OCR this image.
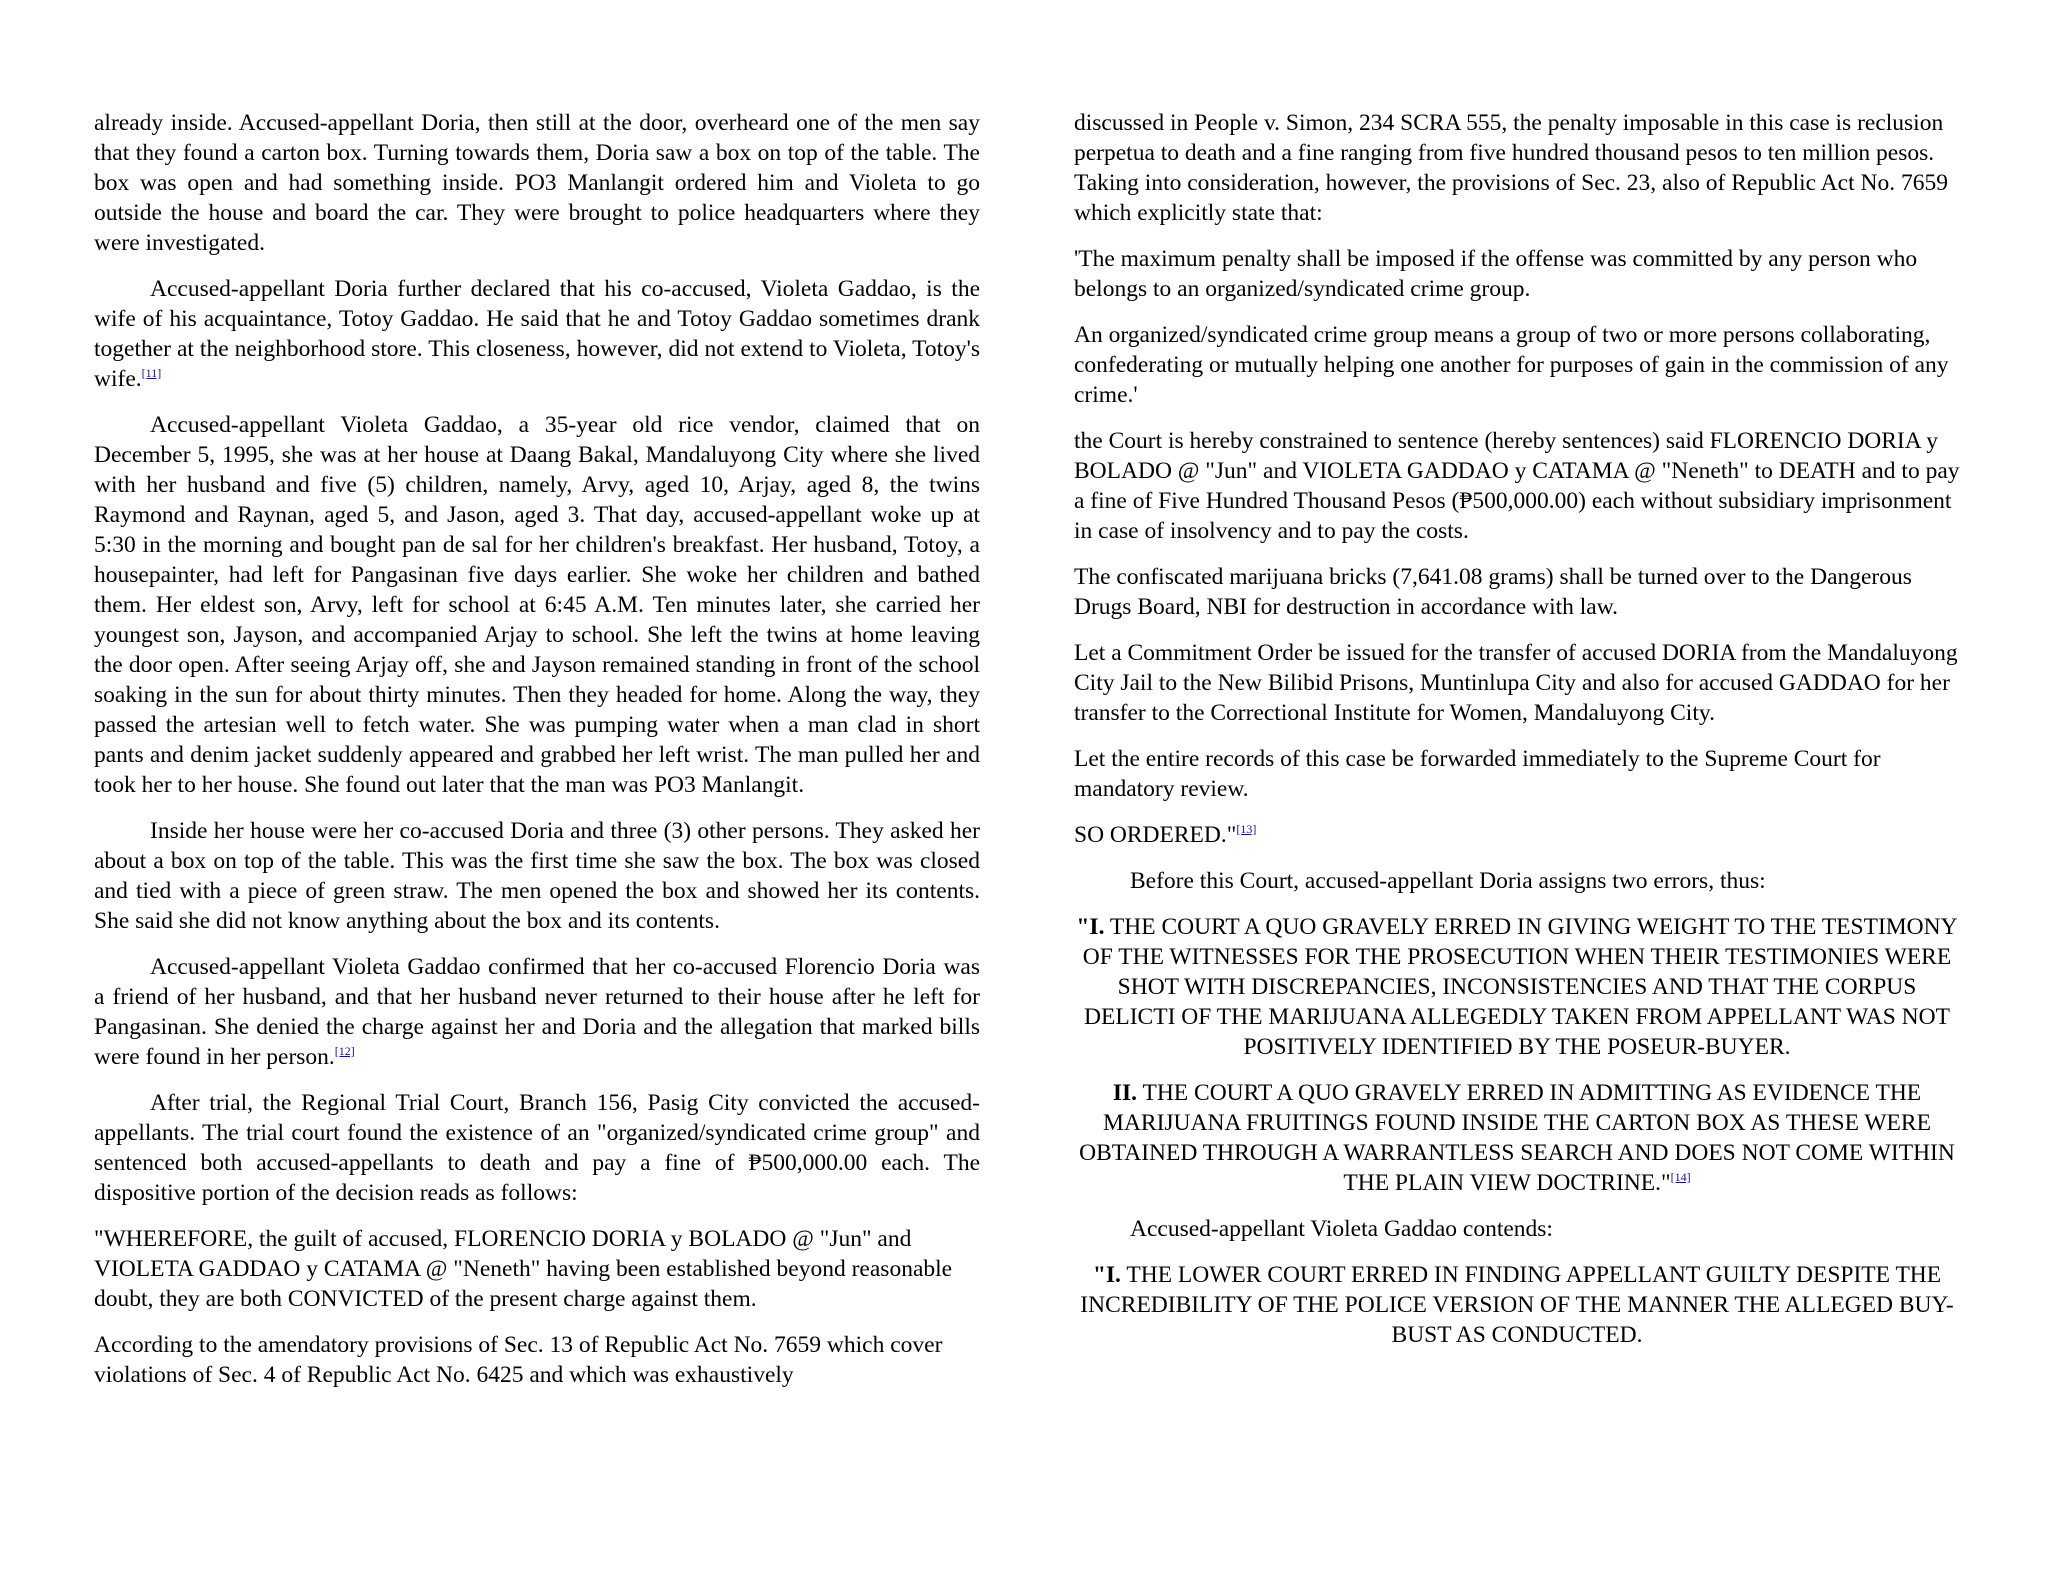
already inside. Accused-appellant Doria, then still at the door, overheard one of the men say that they found a carton box. Turning towards them, Doria saw a box on top of the table. The box was open and had something inside. PO3 Manlangit ordered him and Violeta to go outside the house and board the car. They were brought to police headquarters where they were investigated.

Accused-appellant Doria further declared that his co-accused, Violeta Gaddao, is the wife of his acquaintance, Totoy Gaddao. He said that he and Totoy Gaddao sometimes drank together at the neighborhood store. This closeness, however, did not extend to Violeta, Totoy's wife.[11]

Accused-appellant Violeta Gaddao, a 35-year old rice vendor, claimed that on December 5, 1995, she was at her house at Daang Bakal, Mandaluyong City where she lived with her husband and five (5) children, namely, Arvy, aged 10, Arjay, aged 8, the twins Raymond and Raynan, aged 5, and Jason, aged 3. That day, accused-appellant woke up at 5:30 in the morning and bought pan de sal for her children's breakfast. Her husband, Totoy, a housepainter, had left for Pangasinan five days earlier. She woke her children and bathed them. Her eldest son, Arvy, left for school at 6:45 A.M. Ten minutes later, she carried her youngest son, Jayson, and accompanied Arjay to school. She left the twins at home leaving the door open. After seeing Arjay off, she and Jayson remained standing in front of the school soaking in the sun for about thirty minutes. Then they headed for home. Along the way, they passed the artesian well to fetch water. She was pumping water when a man clad in short pants and denim jacket suddenly appeared and grabbed her left wrist. The man pulled her and took her to her house. She found out later that the man was PO3 Manlangit.

Inside her house were her co-accused Doria and three (3) other persons. They asked her about a box on top of the table. This was the first time she saw the box. The box was closed and tied with a piece of green straw. The men opened the box and showed her its contents. She said she did not know anything about the box and its contents.

Accused-appellant Violeta Gaddao confirmed that her co-accused Florencio Doria was a friend of her husband, and that her husband never returned to their house after he left for Pangasinan. She denied the charge against her and Doria and the allegation that marked bills were found in her person.[12]

After trial, the Regional Trial Court, Branch 156, Pasig City convicted the accused-appellants. The trial court found the existence of an "organized/syndicated crime group" and sentenced both accused-appellants to death and pay a fine of ₱500,000.00 each. The dispositive portion of the decision reads as follows:

"WHEREFORE, the guilt of accused, FLORENCIO DORIA y BOLADO @ "Jun" and VIOLETA GADDAO y CATAMA @ "Neneth" having been established beyond reasonable doubt, they are both CONVICTED of the present charge against them.

According to the amendatory provisions of Sec. 13 of Republic Act No. 7659 which cover violations of Sec. 4 of Republic Act No. 6425 and which was exhaustively

discussed in People v. Simon, 234 SCRA 555, the penalty imposable in this case is reclusion perpetua to death and a fine ranging from five hundred thousand pesos to ten million pesos. Taking into consideration, however, the provisions of Sec. 23, also of Republic Act No. 7659 which explicitly state that:

'The maximum penalty shall be imposed if the offense was committed by any person who belongs to an organized/syndicated crime group.

An organized/syndicated crime group means a group of two or more persons collaborating, confederating or mutually helping one another for purposes of gain in the commission of any crime.'

the Court is hereby constrained to sentence (hereby sentences) said FLORENCIO DORIA y BOLADO @ "Jun" and VIOLETA GADDAO y CATAMA @ "Neneth" to DEATH and to pay a fine of Five Hundred Thousand Pesos (₱500,000.00) each without subsidiary imprisonment in case of insolvency and to pay the costs.

The confiscated marijuana bricks (7,641.08 grams) shall be turned over to the Dangerous Drugs Board, NBI for destruction in accordance with law.

Let a Commitment Order be issued for the transfer of accused DORIA from the Mandaluyong City Jail to the New Bilibid Prisons, Muntinlupa City and also for accused GADDAO for her transfer to the Correctional Institute for Women, Mandaluyong City.

Let the entire records of this case be forwarded immediately to the Supreme Court for mandatory review.

SO ORDERED."[13]

Before this Court, accused-appellant Doria assigns two errors, thus:

"I. THE COURT A QUO GRAVELY ERRED IN GIVING WEIGHT TO THE TESTIMONY OF THE WITNESSES FOR THE PROSECUTION WHEN THEIR TESTIMONIES WERE SHOT WITH DISCREPANCIES, INCONSISTENCIES AND THAT THE CORPUS DELICTI OF THE MARIJUANA ALLEGEDLY TAKEN FROM APPELLANT WAS NOT POSITIVELY IDENTIFIED BY THE POSEUR-BUYER.

II. THE COURT A QUO GRAVELY ERRED IN ADMITTING AS EVIDENCE THE MARIJUANA FRUITINGS FOUND INSIDE THE CARTON BOX AS THESE WERE OBTAINED THROUGH A WARRANTLESS SEARCH AND DOES NOT COME WITHIN THE PLAIN VIEW DOCTRINE."[14]

Accused-appellant Violeta Gaddao contends:

"I. THE LOWER COURT ERRED IN FINDING APPELLANT GUILTY DESPITE THE INCREDIBILITY OF THE POLICE VERSION OF THE MANNER THE ALLEGED BUY-BUST AS CONDUCTED.
